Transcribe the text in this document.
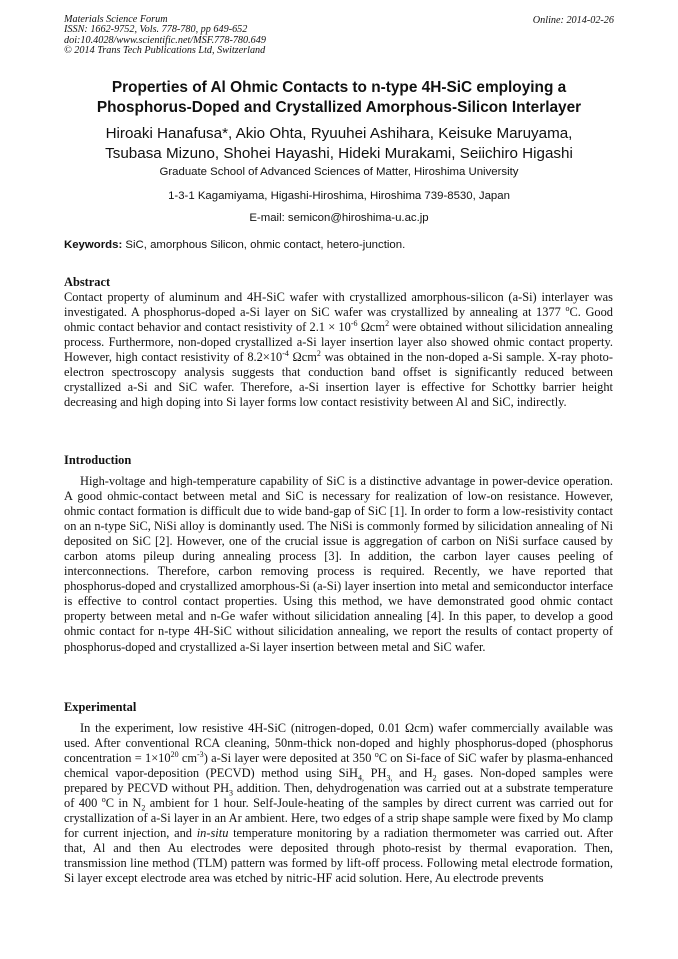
Materials Science Forum
ISSN: 1662-9752, Vols. 778-780, pp 649-652
doi:10.4028/www.scientific.net/MSF.778-780.649
© 2014 Trans Tech Publications Ltd, Switzerland
Online: 2014-02-26
Properties of Al Ohmic Contacts to n-type 4H-SiC employing a
Phosphorus-Doped and Crystallized Amorphous-Silicon Interlayer
Hiroaki Hanafusa*, Akio Ohta, Ryuuhei Ashihara, Keisuke Maruyama,
Tsubasa Mizuno, Shohei Hayashi, Hideki Murakami, Seiichiro Higashi
Graduate School of Advanced Sciences of Matter, Hiroshima University
1-3-1 Kagamiyama, Higashi-Hiroshima, Hiroshima 739-8530, Japan
E-mail: semicon@hiroshima-u.ac.jp
Keywords: SiC, amorphous Silicon, ohmic contact, hetero-junction.
Abstract
Contact property of aluminum and 4H-SiC wafer with crystallized amorphous-silicon (a-Si) interlayer was investigated. A phosphorus-doped a-Si layer on SiC wafer was crystallized by annealing at 1377 $^o$C. Good ohmic contact behavior and contact resistivity of $2.1 \times 10^{-6}$ Ωcm$^2$ were obtained without silicidation annealing process. Furthermore, non-doped crystallized a-Si layer insertion layer also showed ohmic contact property. However, high contact resistivity of $8.2\times 10^{-4}$ Ωcm$^2$ was obtained in the non-doped a-Si sample. X-ray photo-electron spectroscopy analysis suggests that conduction band offset is significantly reduced between crystallized a-Si and SiC wafer. Therefore, a-Si insertion layer is effective for Schottky barrier height decreasing and high doping into Si layer forms low contact resistivity between Al and SiC, indirectly.
Introduction
High-voltage and high-temperature capability of SiC is a distinctive advantage in power-device operation. A good ohmic-contact between metal and SiC is necessary for realization of low-on resistance. However, ohmic contact formation is difficult due to wide band-gap of SiC [1]. In order to form a low-resistivity contact on an n-type SiC, NiSi alloy is dominantly used. The NiSi is commonly formed by silicidation annealing of Ni deposited on SiC [2]. However, one of the crucial issue is aggregation of carbon on NiSi surface caused by carbon atoms pileup during annealing process [3]. In addition, the carbon layer causes peeling of interconnections. Therefore, carbon removing process is required. Recently, we have reported that phosphorus-doped and crystallized amorphous-Si (a-Si) layer insertion into metal and semiconductor interface is effective to control contact properties. Using this method, we have demonstrated good ohmic contact property between metal and n-Ge wafer without silicidation annealing [4]. In this paper, to develop a good ohmic contact for n-type 4H-SiC without silicidation annealing, we report the results of contact property of phosphorus-doped and crystallized a-Si layer insertion between metal and SiC wafer.
Experimental
In the experiment, low resistive 4H-SiC (nitrogen-doped, 0.01 Ωcm) wafer commercially available was used. After conventional RCA cleaning, 50nm-thick non-doped and highly phosphorus-doped (phosphorus concentration = $1\times 10^{20}$ $cm^{-3}$) a-Si layer were deposited at 350 $^o$C on Si-face of SiC wafer by plasma-enhanced chemical vapor-deposition (PECVD) method using SiH$_{4,}$ $PH_{3,}$ and $H_2$ gases. Non-doped samples were prepared by PECVD without $PH_3$ addition. Then, dehydrogenation was carried out at a substrate temperature of 400 $^o$C in $N_2$ ambient for 1 hour. Self-Joule-heating of the samples by direct current was carried out for crystallization of a-Si layer in an Ar ambient. Here, two edges of a strip shape sample were fixed by Mo clamp for current injection, and in-situ temperature monitoring by a radiation thermometer was carried out. After that, Al and then Au electrodes were deposited through photo-resist by thermal evaporation. Then, transmission line method (TLM) pattern was formed by lift-off process. Following metal electrode formation, Si layer except electrode area was etched by nitric-HF acid solution. Here, Au electrode prevents
